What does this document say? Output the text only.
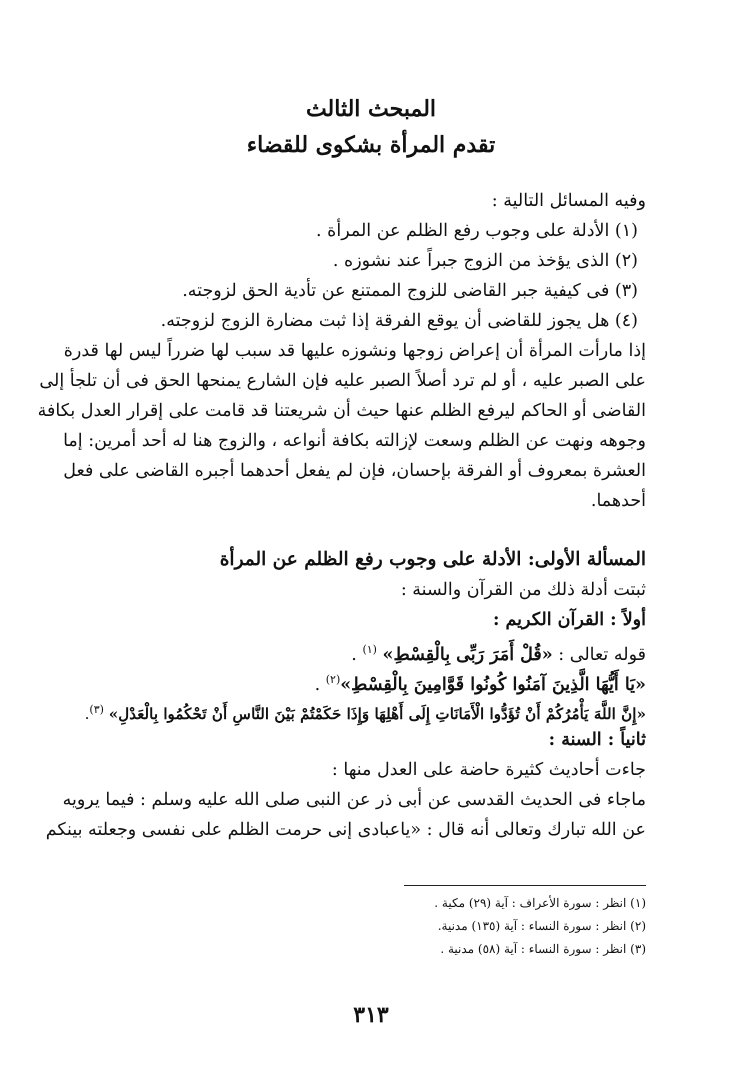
المبحث الثالث
تقدم المرأة بشكوى للقضاء
وفيه المسائل التالية :
(١) الأدلة على وجوب رفع الظلم عن المرأة .
(٢) الذى يؤخذ من الزوج جبراً عند نشوزه .
(٣) فى كيفية جبر القاضى للزوج الممتنع عن تأدية الحق لزوجته.
(٤) هل يجوز للقاضى أن يوقع الفرقة إذا ثبت مضارة الزوج لزوجته.
إذا مارأت المرأة أن إعراض زوجها ونشوزه عليها قد سبب لها ضرراً ليس لها قدرة
على الصبر عليه ، أو لم ترد أصلاً الصبر عليه فإن الشارع يمنحها الحق فى أن تلجأ إلى
القاضى أو الحاكم ليرفع الظلم عنها حيث أن شريعتنا قد قامت على إقرار العدل بكافة
وجوهه ونهت عن الظلم وسعت لإزالته بكافة أنواعه ، والزوج هنا له أحد أمرين: إما
العشرة بمعروف أو الفرقة بإحسان، فإن لم يفعل أحدهما أجبره القاضى على فعل
أحدهما.
المسألة الأولى: الأدلة على وجوب رفع الظلم عن المرأة
ثبتت أدلة ذلك من القرآن والسنة :
أولاً : القرآن الكريم :
قوله تعالى : «قُلْ أَمَرَ رَبِّى بِالْقِسْطِ» $^{(١)}$ .
«يَا أَيُّهَا الَّذِينَ آمَنُوا كُونُوا قَوَّامِينَ بِالْقِسْطِ»$^{(٢)}$ .
«إِنَّ اللَّهَ يَأْمُرُكُمْ أَنْ تُؤَدُّوا الْأَمَانَاتِ إِلَى أَهْلِهَا وَإِذَا حَكَمْتُمْ بَيْنَ النَّاسِ أَنْ تَحْكُمُوا بِالْعَدْلِ» $^{(٣)}$.
ثانياً : السنة :
جاءت أحاديث كثيرة حاضة على العدل منها :
ماجاء فى الحديث القدسى عن أبى ذر عن النبى صلى الله عليه وسلم : فيما يرويه
عن الله تبارك وتعالى أنه قال : «ياعبادى إنى حرمت الظلم على نفسى وجعلته بينكم
(١) انظر : سورة الأعراف : آية (٢٩) مكية .
(٢) انظر : سورة النساء : آية (١٣٥) مدنية.
(٣) انظر : سورة النساء : آية (٥٨) مدنية .
٣١٣
